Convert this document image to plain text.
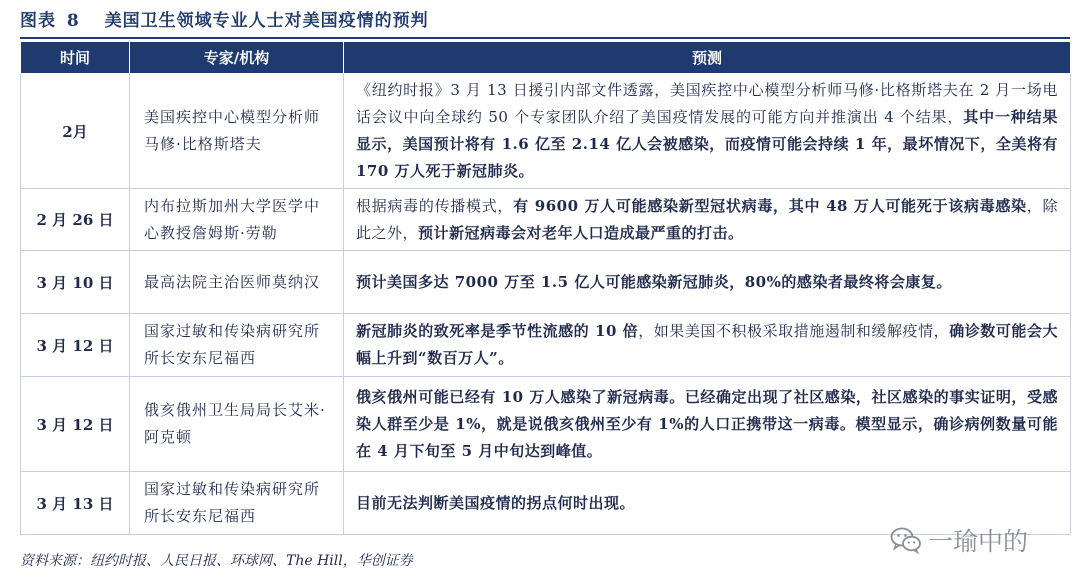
图表 8 美国卫生领域专业人士对美国疫情的预判
时间	专家/机构	预测
2月	美国疾控中心模型分析师马修·比格斯塔夫	《纽约时报》3 月 13 日援引内部文件透露，美国疾控中心模型分析师马修·比格斯塔夫在 2 月一场电话会议中向全球约 50 个专家团队介绍了美国疫情发展的可能方向并推演出 4 个结果，其中一种结果显示，美国预计将有 1.6 亿至 2.14 亿人会被感染，而疫情可能会持续 1 年，最坏情况下，全美将有 170 万人死于新冠肺炎。
2 月 26 日	内布拉斯加州大学医学中心教授詹姆斯·劳勒	根据病毒的传播模式，有 9600 万人可能感染新型冠状病毒，其中 48 万人可能死于该病毒感染，除此之外，预计新冠病毒会对老年人口造成最严重的打击。
3 月 10 日	最高法院主治医师莫纳汉	预计美国多达 7000 万至 1.5 亿人可能感染新冠肺炎，80%的感染者最终将会康复。
3 月 12 日	国家过敏和传染病研究所所长安东尼福西	新冠肺炎的致死率是季节性流感的 10 倍，如果美国不积极采取措施遏制和缓解疫情，确诊数可能会大幅上升到“数百万人”。
3 月 12 日	俄亥俄州卫生局局长艾米·阿克顿	俄亥俄州可能已经有 10 万人感染了新冠病毒。已经确定出现了社区感染，社区感染的事实证明，受感染人群至少是 1%，就是说俄亥俄州至少有 1%的人口正携带这一病毒。模型显示，确诊病例数量可能在 4 月下旬至 5 月中旬达到峰值。
3 月 13 日	国家过敏和传染病研究所所长安东尼福西	目前无法判断美国疫情的拐点何时出现。
资料来源：纽约时报、人民日报、环球网、The Hill，华创证券
一瑜中的
